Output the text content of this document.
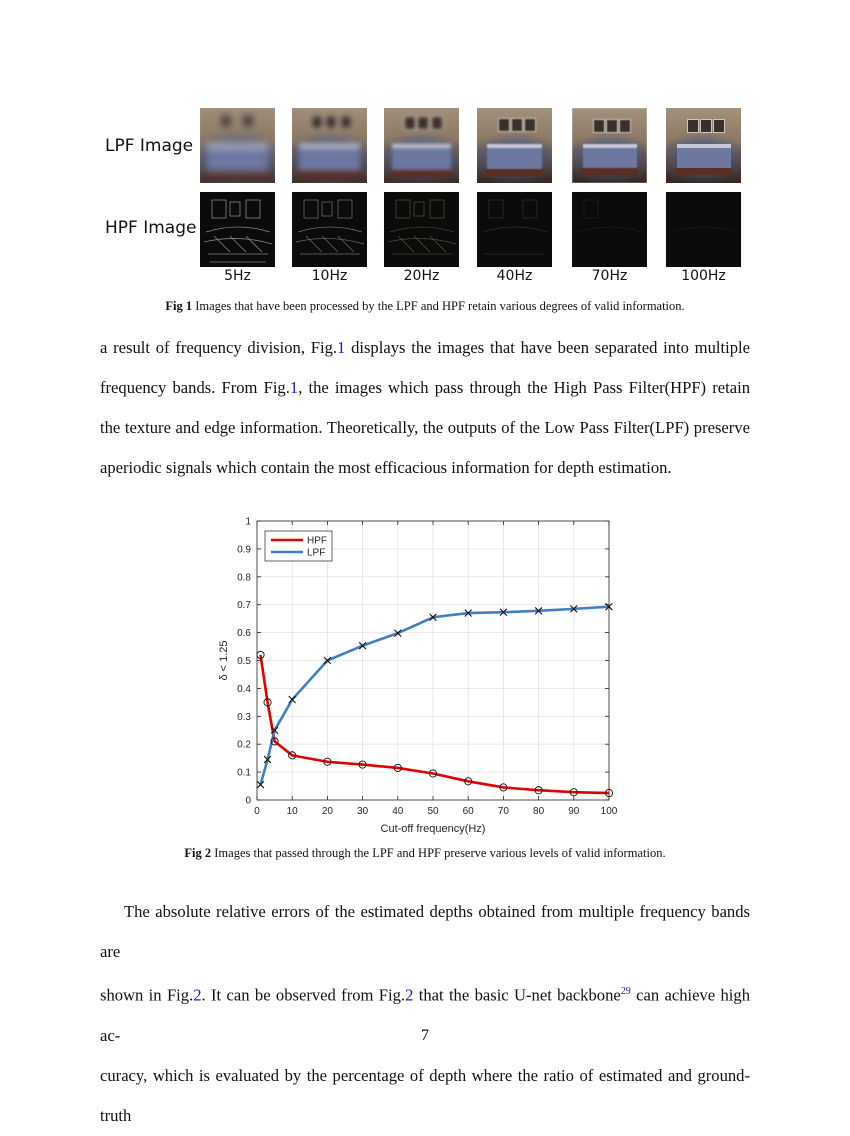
LPF Image
HPF Image
5Hz	10Hz	20Hz	40Hz	70Hz	100Hz
Fig 1 Images that have been processed by the LPF and HPF retain various degrees of valid information.
a result of frequency division, Fig.1 displays the images that have been separated into multiple
frequency bands. From Fig.1, the images which pass through the High Pass Filter(HPF) retain
the texture and edge information. Theoretically, the outputs of the Low Pass Filter(LPF) preserve
aperiodic signals which contain the most efficacious information for depth estimation.
0	10 20 30 40 50 60 70 80 90 100
0
0.1
0.2
0.3
0.4
0.5
0.6
0.7
0.8
0.9
1
HPF
LPF
Cut-off frequency(Hz)
δ < 1.25
Fig 2 Images that passed through the LPF and HPF preserve various levels of valid information.
The absolute relative errors of the estimated depths obtained from multiple frequency bands are
shown in Fig.2. It can be observed from Fig.2 that the basic U-net backbone$^{29}$ can achieve high ac-
curacy, which is evaluated by the percentage of depth where the ratio of estimated and ground-truth
7
